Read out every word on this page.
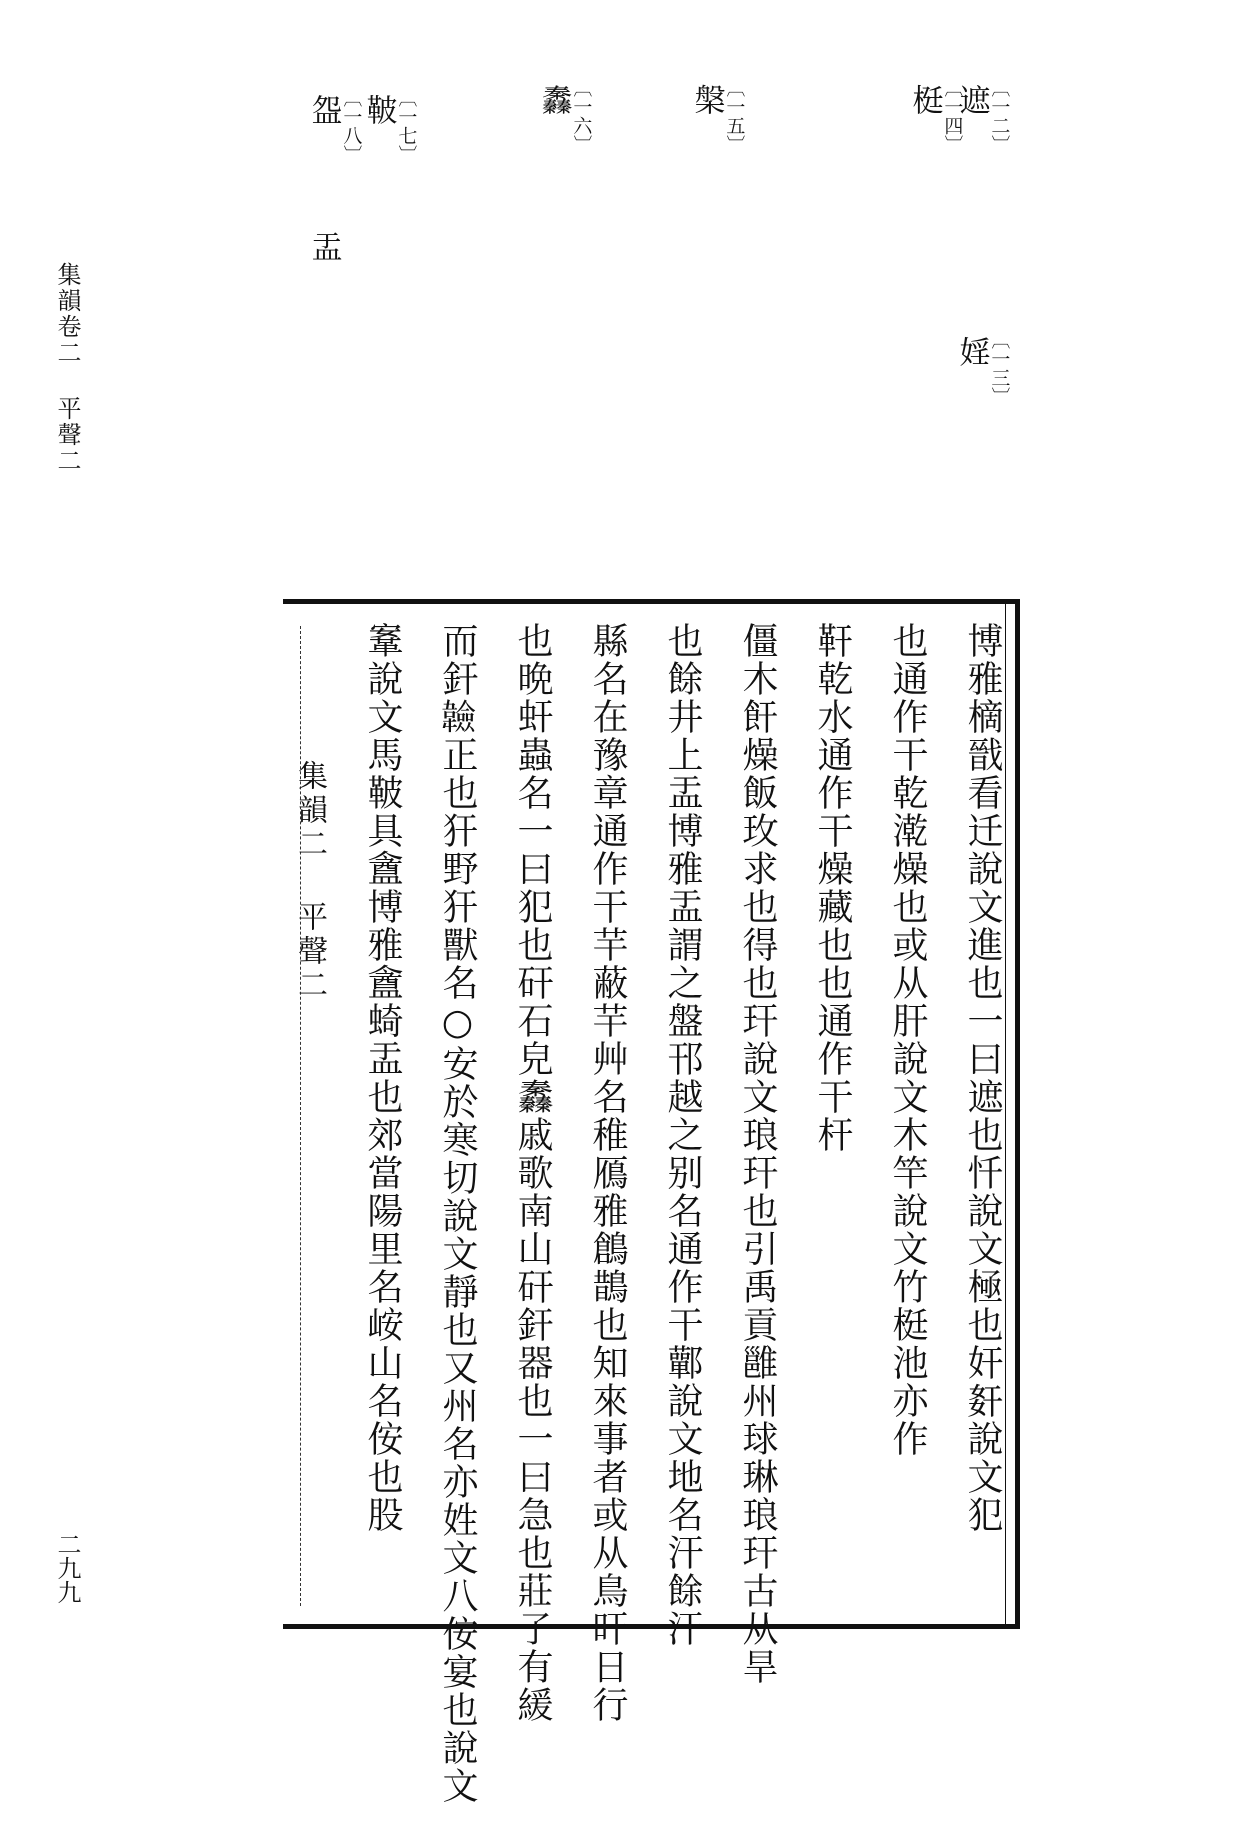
集韻卷二 平聲二
二九九
〔一二〕
遮
〔一四〕
梃
〔一三〕
婬
〔一五〕
槃
〔一六〕
䆐
〔一七〕
鞁
〔一八〕
盌
盂
博雅樀戩看迁說文進也一曰遮也忏說文極也奸姧說文犯
也通作干乾漧燥也或从肝說文木竿說文竹梃池亦作
靬乾水通作干燥藏也也通作干杆
僵木飦燥飯玫求也得也玕說文琅玕也引禹貢雝州球琳琅玕古从旱
也餘井上盂博雅盂謂之盤邗越之别名通作干鄿說文地名汗餘汗
縣名在豫章通作干芉蔽芉艸名稚鴈雅鶬鵲也知來事者或从鳥旰日行
也晩虷蟲名一曰犯也矸石皃䆐戚歌南山矸釬器也一曰急也莊子有緩
而釬𩏩正也犴野犴獸名○安於寒切說文靜也又州名亦姓文八侒宴也說文
鞌說文馬鞁具盦博雅盦䗁盂也郊當陽里名峖山名侒也股
集韻二 平聲二
